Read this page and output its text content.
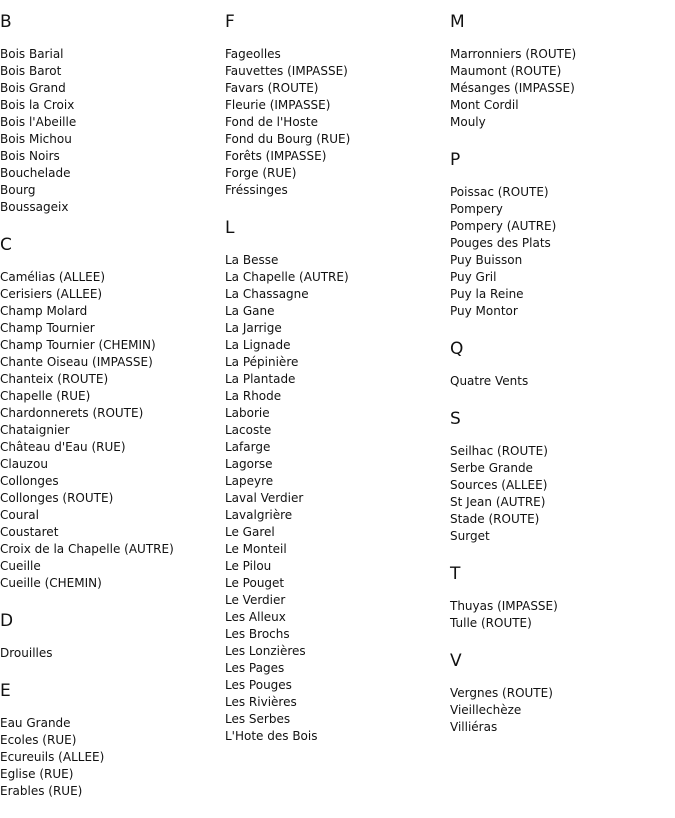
B
Bois Barial
Bois Barot
Bois Grand
Bois la Croix
Bois l'Abeille
Bois Michou
Bois Noirs
Bouchelade
Bourg
Boussageix
C
Camélias (ALLEE)
Cerisiers (ALLEE)
Champ Molard
Champ Tournier
Champ Tournier (CHEMIN)
Chante Oiseau (IMPASSE)
Chanteix (ROUTE)
Chapelle (RUE)
Chardonnerets (ROUTE)
Chataignier
Château d'Eau (RUE)
Clauzou
Collonges
Collonges (ROUTE)
Coural
Coustaret
Croix de la Chapelle (AUTRE)
Cueille
Cueille (CHEMIN)
D
Drouilles
E
Eau Grande
Ecoles (RUE)
Ecureuils (ALLEE)
Eglise (RUE)
Erables (RUE)
F
Fageolles
Fauvettes (IMPASSE)
Favars (ROUTE)
Fleurie (IMPASSE)
Fond de l'Hoste
Fond du Bourg (RUE)
Forêts (IMPASSE)
Forge (RUE)
Fréssinges
L
La Besse
La Chapelle (AUTRE)
La Chassagne
La Gane
La Jarrige
La Lignade
La Pépinière
La Plantade
La Rhode
Laborie
Lacoste
Lafarge
Lagorse
Lapeyre
Laval Verdier
Lavalgrière
Le Garel
Le Monteil
Le Pilou
Le Pouget
Le Verdier
Les Alleux
Les Brochs
Les Lonzières
Les Pages
Les Pouges
Les Rivières
Les Serbes
L'Hote des Bois
M
Marronniers (ROUTE)
Maumont (ROUTE)
Mésanges (IMPASSE)
Mont Cordil
Mouly
P
Poissac (ROUTE)
Pompery
Pompery (AUTRE)
Pouges des Plats
Puy Buisson
Puy Gril
Puy la Reine
Puy Montor
Q
Quatre Vents
S
Seilhac (ROUTE)
Serbe Grande
Sources (ALLEE)
St Jean (AUTRE)
Stade (ROUTE)
Surget
T
Thuyas (IMPASSE)
Tulle (ROUTE)
V
Vergnes (ROUTE)
Vieillechèze
Villiéras
